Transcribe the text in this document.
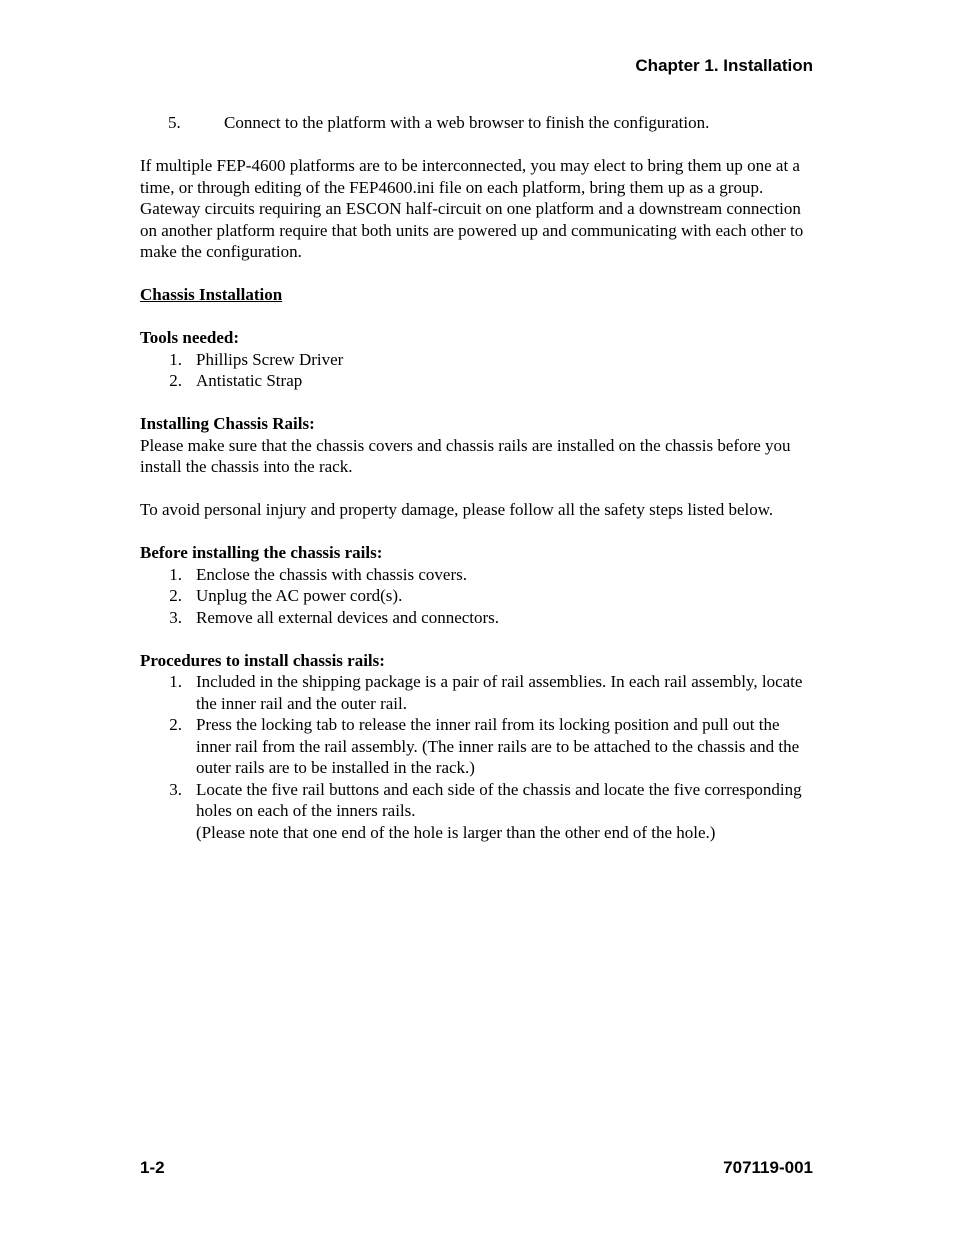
Chapter 1. Installation
5.	Connect to the platform with a web browser to finish the configuration.

If multiple FEP-4600 platforms are to be interconnected, you may elect to bring them up one at a time, or through editing of the FEP4600.ini file on each platform, bring them up as a group. Gateway circuits requiring an ESCON half-circuit on one platform and a downstream connection on another platform require that both units are powered up and communicating with each other to make the configuration.

Chassis Installation

Tools needed:

1. Phillips Screw Driver
2. Antistatic Strap

Installing Chassis Rails:

Please make sure that the chassis covers and chassis rails are installed on the chassis before you install the chassis into the rack.

To avoid personal injury and property damage, please follow all the safety steps listed below.

Before installing the chassis rails:

1. Enclose the chassis with chassis covers.
2. Unplug the AC power cord(s).
3. Remove all external devices and connectors.

Procedures to install chassis rails:

1. Included in the shipping package is a pair of rail assemblies. In each rail assembly, locate the inner rail and the outer rail.
2. Press the locking tab to release the inner rail from its locking position and pull out the inner rail from the rail assembly. (The inner rails are to be attached to the chassis and the outer rails are to be installed in the rack.)
3. Locate the five rail buttons and each side of the chassis and locate the five corresponding holes on each of the inners rails.
(Please note that one end of the hole is larger than the other end of the hole.)
1-2	707119-001
